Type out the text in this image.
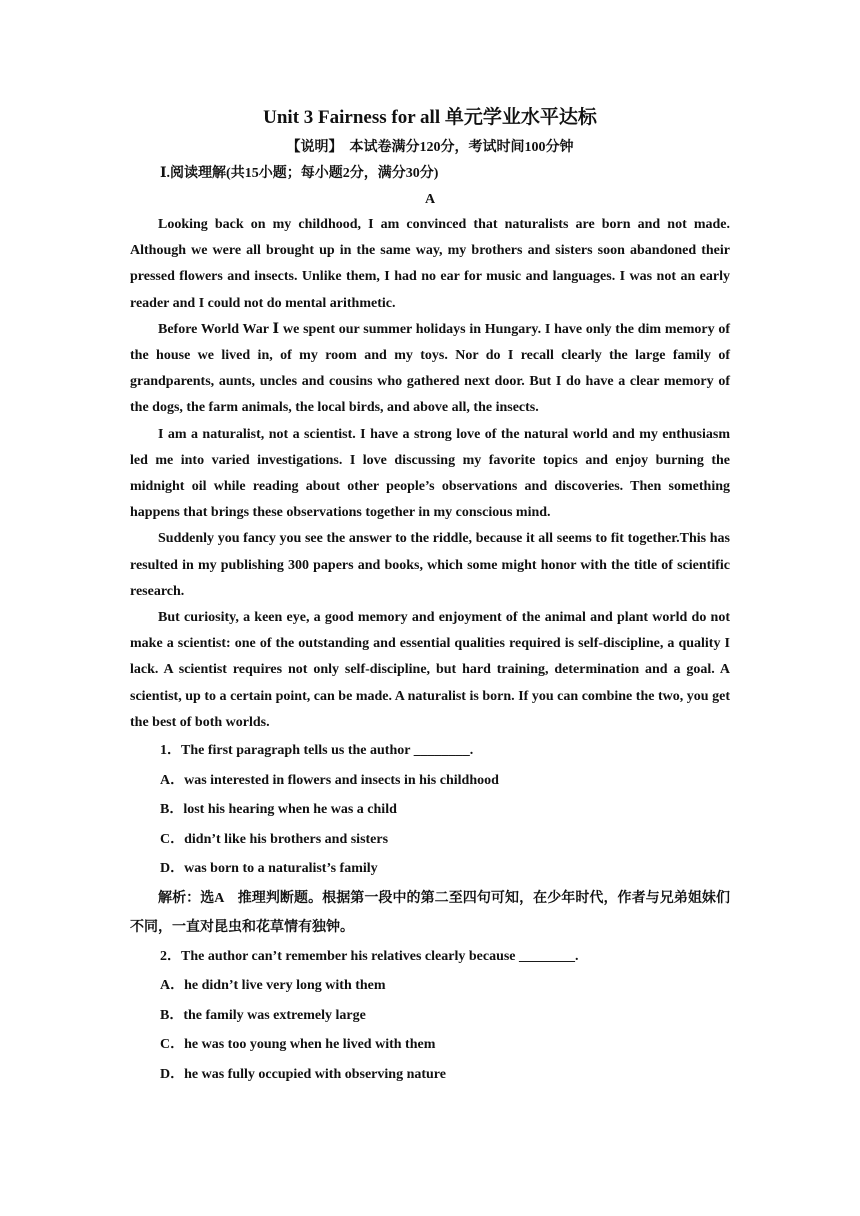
Unit 3 Fairness for all 单元学业水平达标

【说明】　本试卷满分120分，考试时间100分钟

Ⅰ.阅读理解(共15小题；每小题2分，满分30分)

A

Looking back on my childhood, I am convinced that naturalists are born and not made. Although we were all brought up in the same way, my brothers and sisters soon abandoned their pressed flowers and insects. Unlike them, I had no ear for music and languages. I was not an early reader and I could not do mental arithmetic.

Before World War Ⅰ we spent our summer holidays in Hungary. I have only the dim memory of the house we lived in, of my room and my toys. Nor do I recall clearly the large family of grandparents, aunts, uncles and cousins who gathered next door. But I do have a clear memory of the dogs, the farm animals, the local birds, and above all, the insects.

I am a naturalist, not a scientist. I have a strong love of the natural world and my enthusiasm led me into varied investigations. I love discussing my favorite topics and enjoy burning the midnight oil while reading about other people’s observations and discoveries. Then something happens that brings these observations together in my conscious mind.

Suddenly you fancy you see the answer to the riddle, because it all seems to fit together.This has resulted in my publishing 300 papers and books, which some might honor with the title of scientific research.

But curiosity, a keen eye, a good memory and enjoyment of the animal and plant world do not make a scientist: one of the outstanding and essential qualities required is self-discipline, a quality I lack. A scientist requires not only self-discipline, but hard training, determination and a goal. A scientist, up to a certain point, can be made. A naturalist is born. If you can combine the two, you get the best of both worlds.

1．The first paragraph tells us the author ________.

A．was interested in flowers and insects in his childhood

B．lost his hearing when he was a child

C．didn’t like his brothers and sisters

D．was born to a naturalist’s family

解析：选A　推理判断题。根据第一段中的第二至四句可知，在少年时代，作者与兄弟姐妹们不同，一直对昆虫和花草情有独钟。

2．The author can’t remember his relatives clearly because ________.

A．he didn’t live very long with them

B．the family was extremely large

C．he was too young when he lived with them

D．he was fully occupied with observing nature
